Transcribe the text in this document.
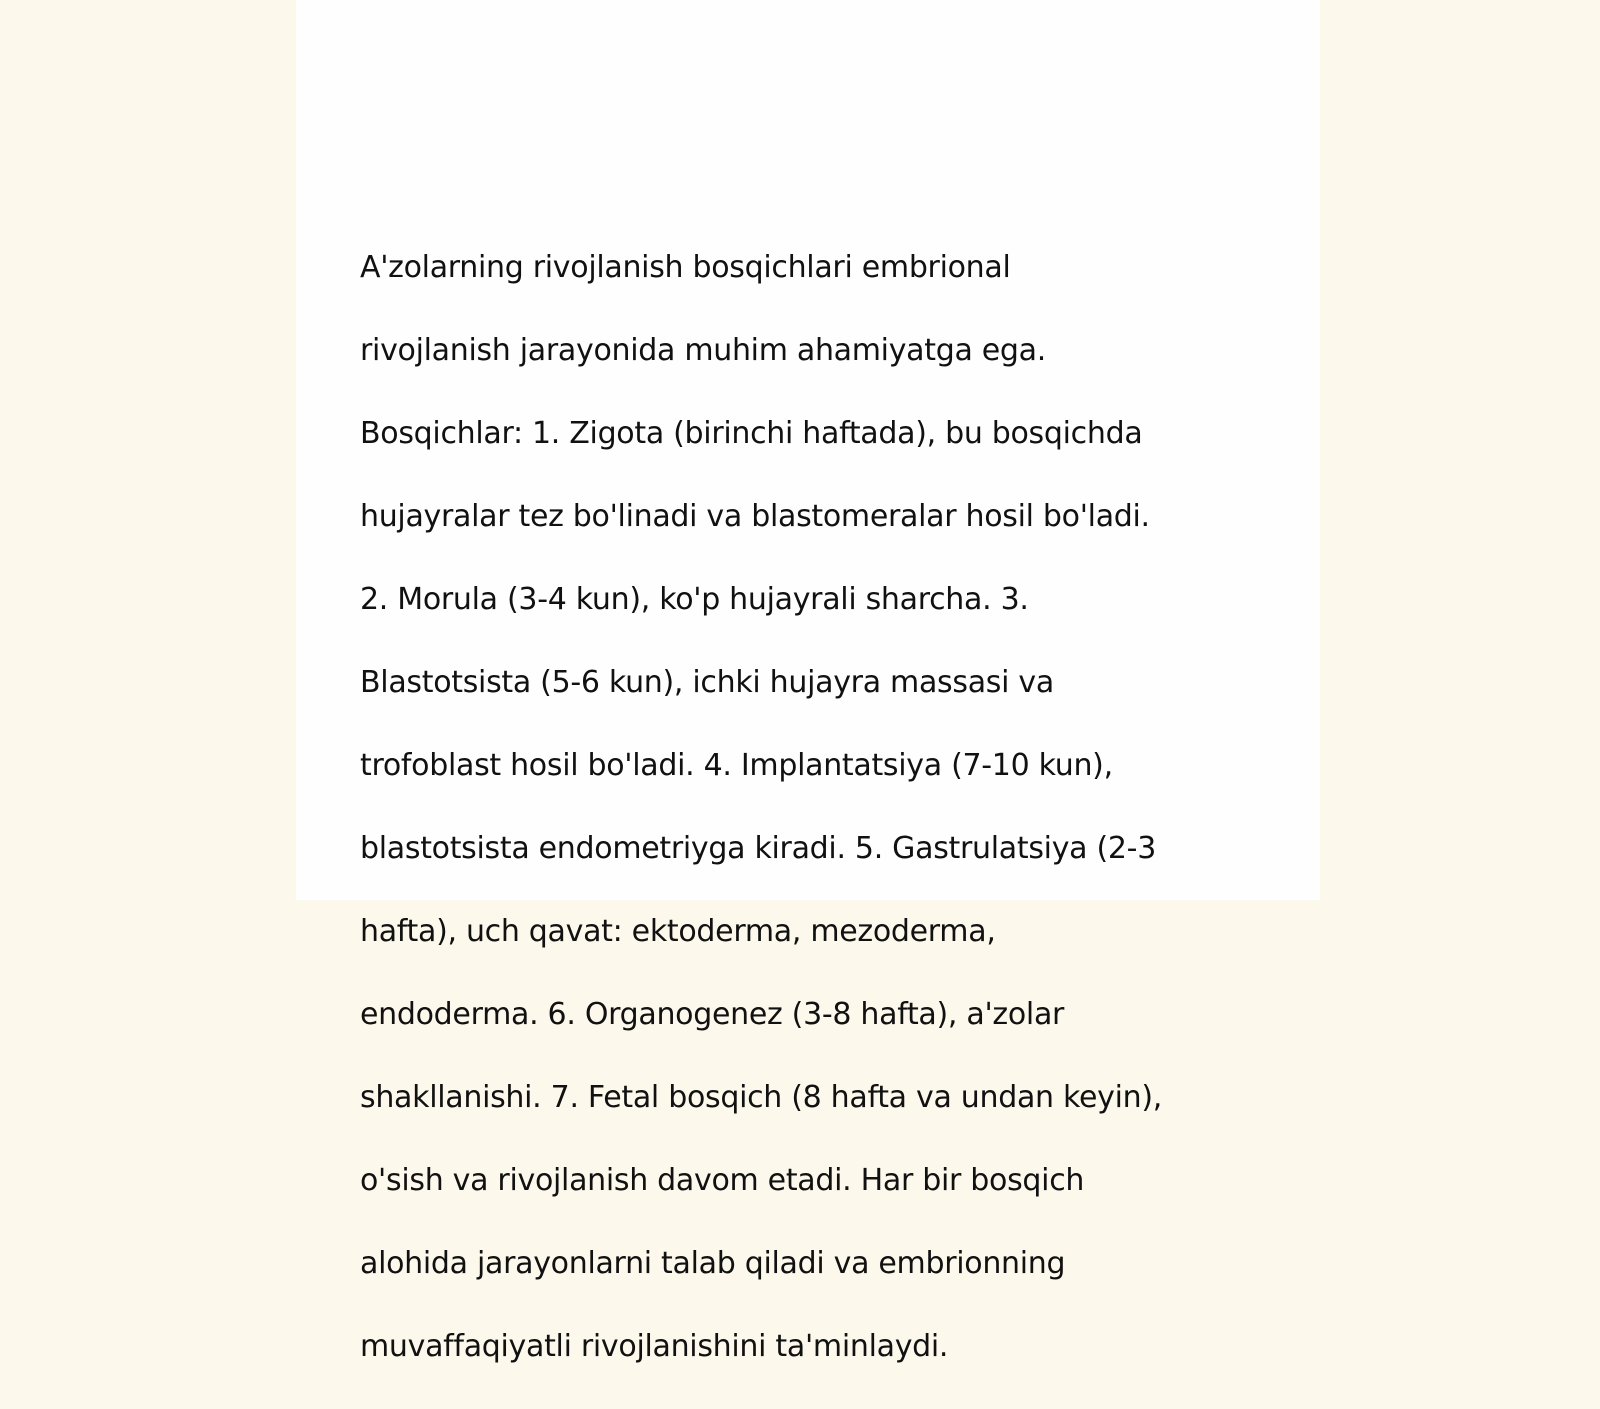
A'zolarning rivojlanish bosqichlari embrional

rivojlanish jarayonida muhim ahamiyatga ega.

Bosqichlar: 1. Zigota (birinchi haftada), bu bosqichda

hujayralar tez bo'linadi va blastomeralar hosil bo'ladi.

2. Morula (3-4 kun), ko'p hujayrali sharcha. 3.

Blastotsista (5-6 kun), ichki hujayra massasi va

trofoblast hosil bo'ladi. 4. Implantatsiya (7-10 kun),

blastotsista endometriyga kiradi. 5. Gastrulatsiya (2-3

hafta), uch qavat: ektoderma, mezoderma,

endoderma. 6. Organogenez (3-8 hafta), a'zolar

shakllanishi. 7. Fetal bosqich (8 hafta va undan keyin),

o'sish va rivojlanish davom etadi. Har bir bosqich

alohida jarayonlarni talab qiladi va embrionning

muvaffaqiyatli rivojlanishini ta'minlaydi.
